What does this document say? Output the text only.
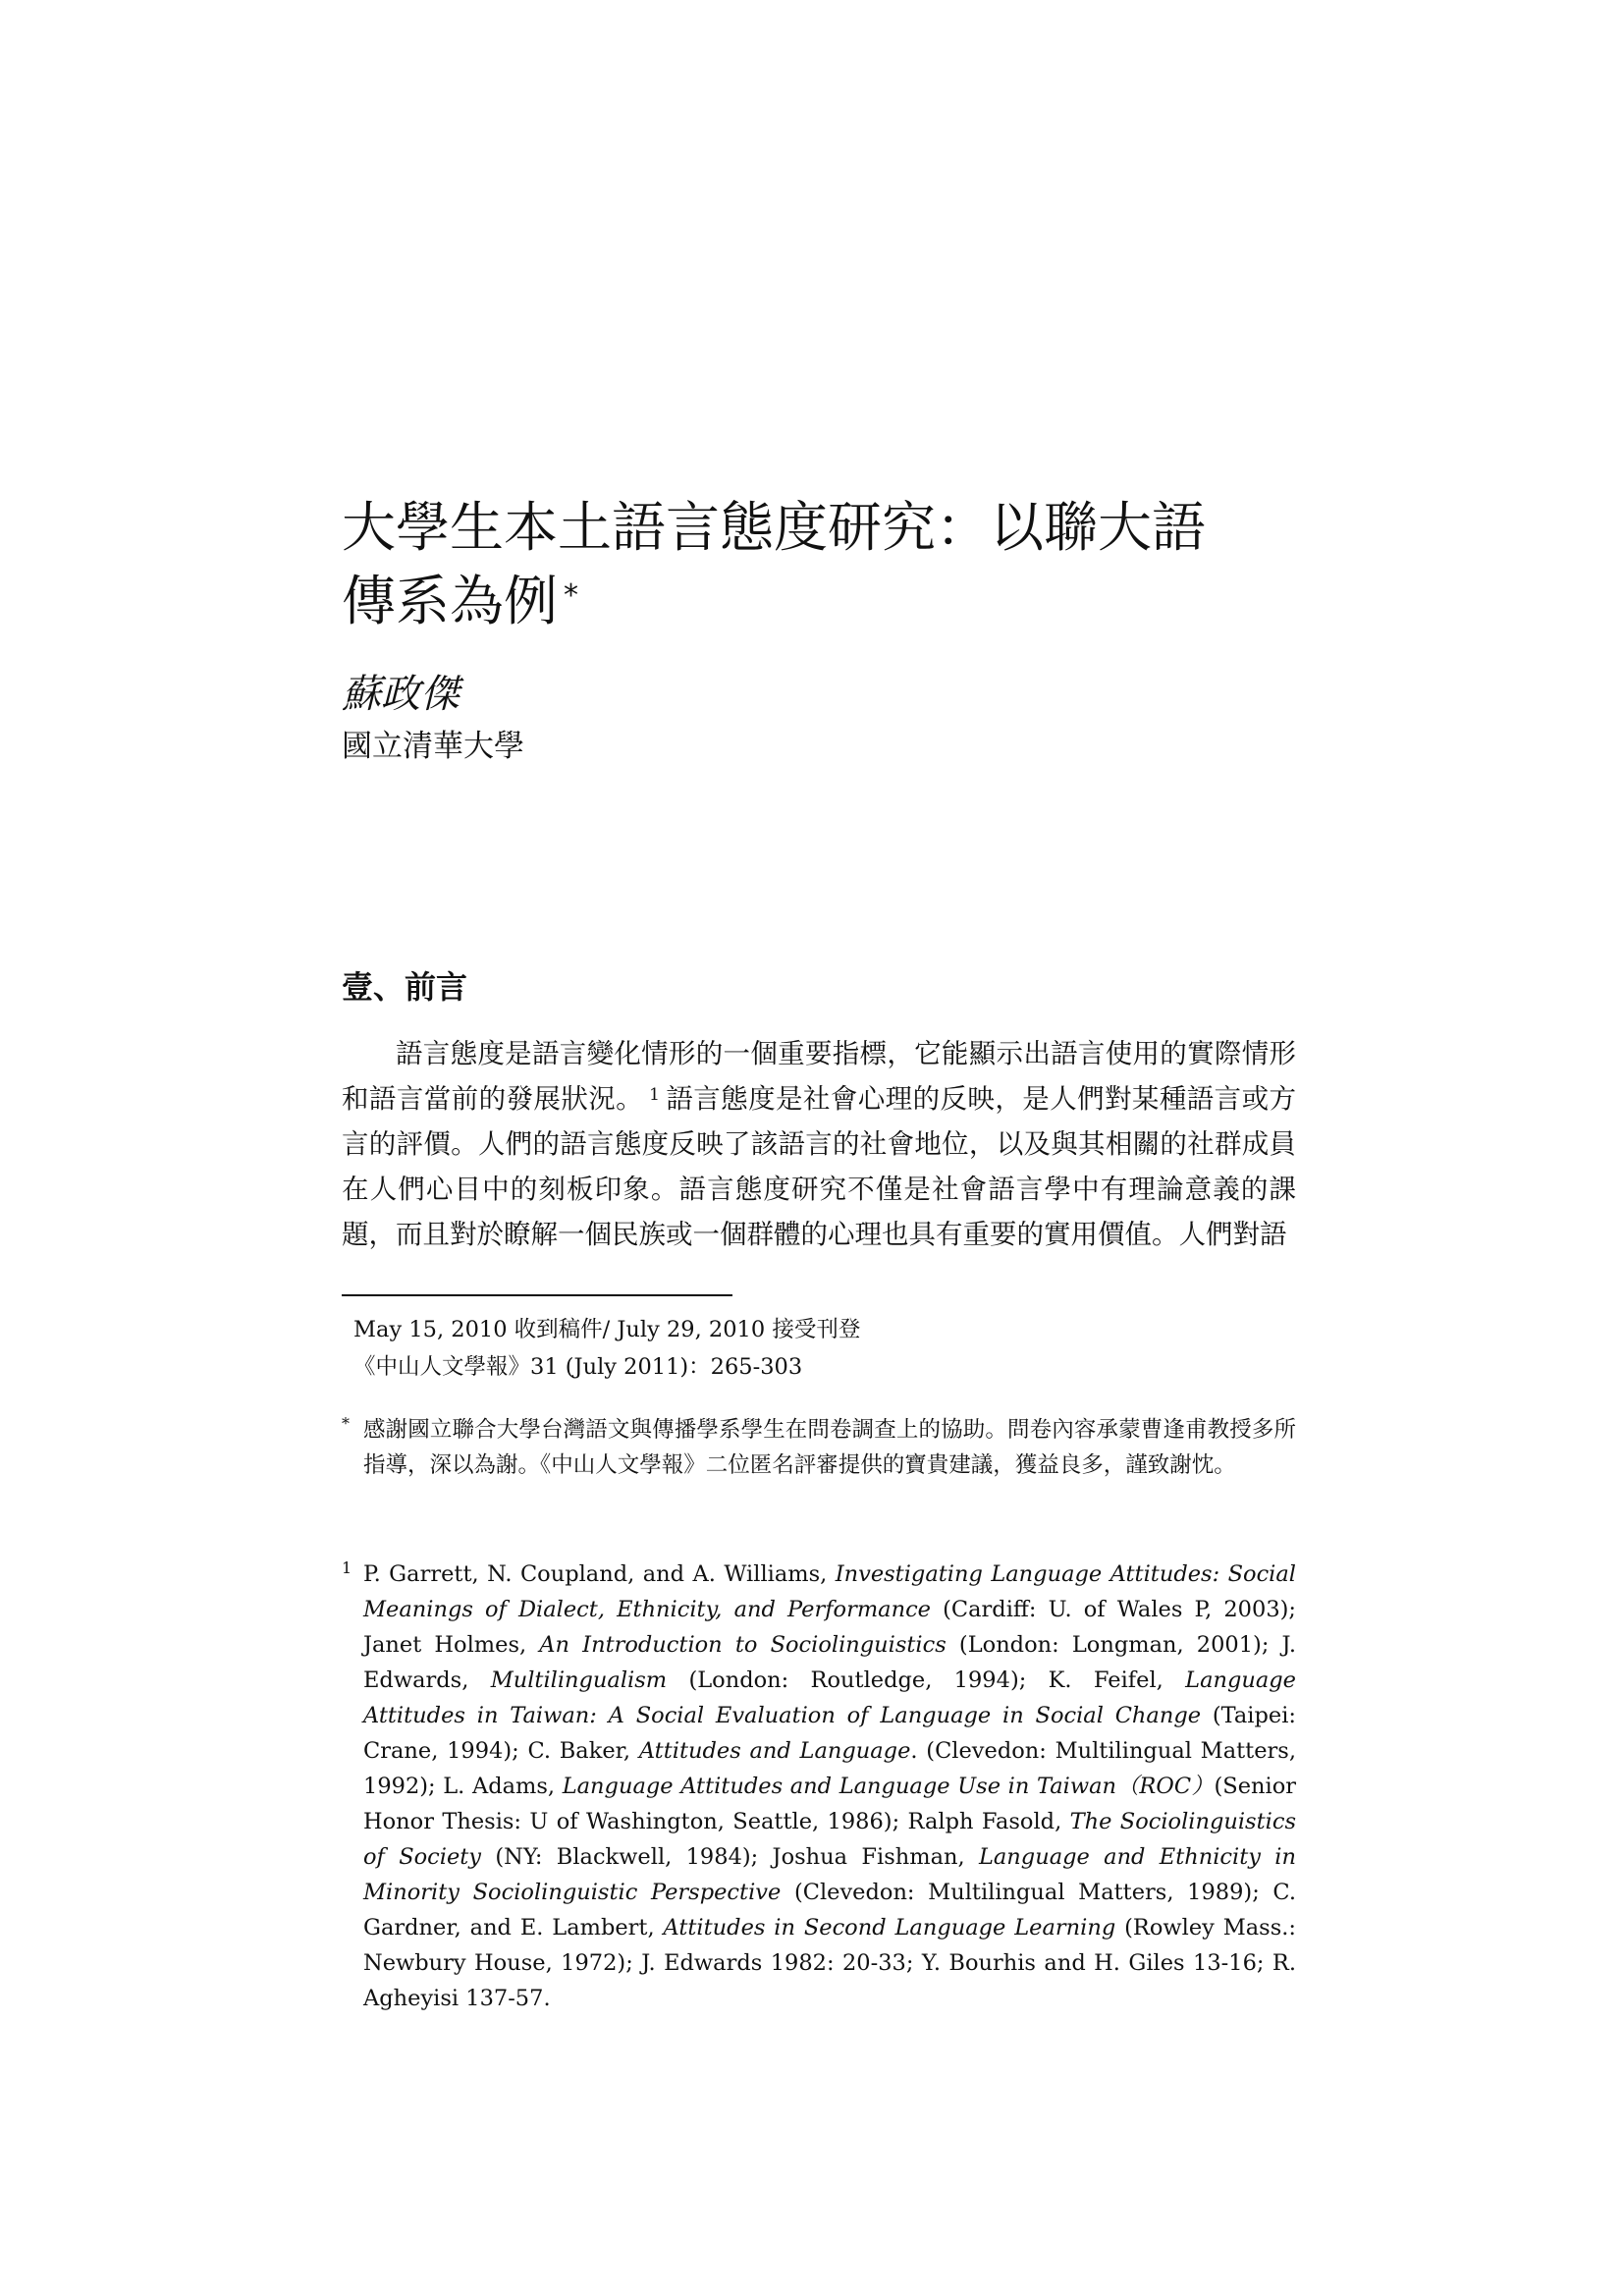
大學生本土語言態度研究：以聯大語
傳系為例 *
蘇政傑
國立清華大學
壹、前言

語言態度是語言變化情形的一個重要指標，它能顯示出語言使用的實際情形和語言當前的發展狀況。 $^1$ 語言態度是社會心理的反映，是人們對某種語言或方言的評價。人們的語言態度反映了該語言的社會地位，以及與其相關的社群成員在人們心目中的刻板印象。語言態度研究不僅是社會語言學中有理論意義的課題，而且對於瞭解一個民族或一個群體的心理也具有重要的實用價值。人們對語

May 15, 2010 收到稿件/ July 29, 2010 接受刊登
《中山人文學報》31 (July 2011)：265-303
* 感謝國立聯合大學台灣語文與傳播學系學生在問卷調查上的協助。問卷內容承蒙曹逢甫教授多所指導，深以為謝。《中山人文學報》二位匿名評審提供的寶貴建議，獲益良多，謹致謝忱。
1 P. Garrett, N. Coupland, and A. Williams, Investigating Language Attitudes: Social Meanings of Dialect, Ethnicity, and Performance (Cardiff: U. of Wales P, 2003); Janet Holmes, An Introduction to Sociolinguistics (London: Longman, 2001); J. Edwards, Multilingualism (London: Routledge, 1994); K. Feifel, Language Attitudes in Taiwan: A Social Evaluation of Language in Social Change (Taipei: Crane, 1994); C. Baker, Attitudes and Language. (Clevedon: Multilingual Matters, 1992); L. Adams, Language Attitudes and Language Use in Taiwan（ROC）(Senior Honor Thesis: U of Washington, Seattle, 1986); Ralph Fasold, The Sociolinguistics of Society (NY: Blackwell, 1984); Joshua Fishman, Language and Ethnicity in Minority Sociolinguistic Perspective (Clevedon: Multilingual Matters, 1989); C. Gardner, and E. Lambert, Attitudes in Second Language Learning (Rowley Mass.: Newbury House, 1972); J. Edwards 1982: 20-33; Y. Bourhis and H. Giles 13-16; R. Agheyisi 137-57.
